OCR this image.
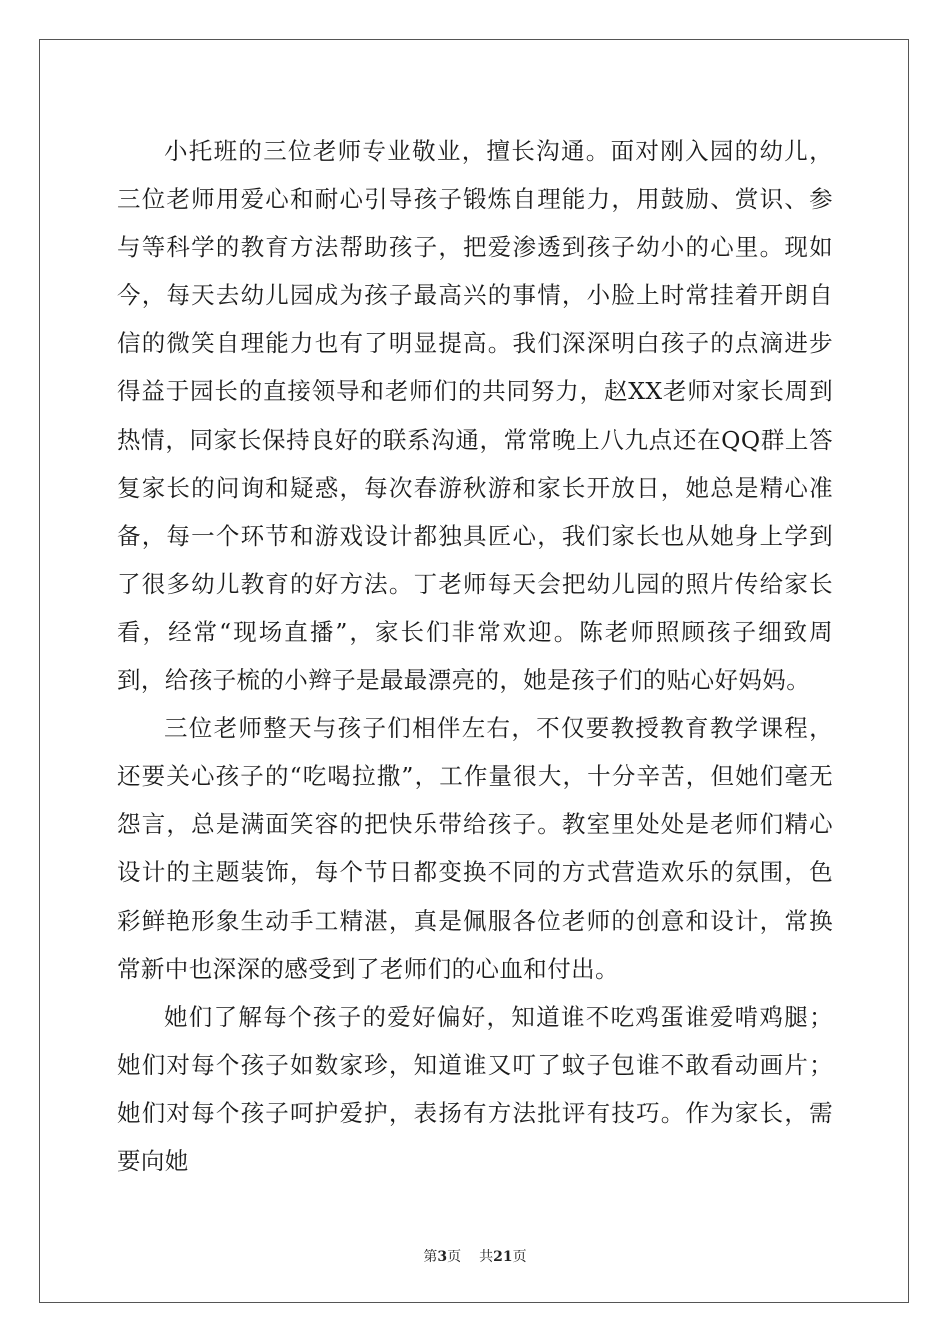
小托班的三位老师专业敬业，擅长沟通。面对刚入园的幼儿，三位老师用爱心和耐心引导孩子锻炼自理能力，用鼓励、赏识、参与等科学的教育方法帮助孩子，把爱渗透到孩子幼小的心里。现如今，每天去幼儿园成为孩子最高兴的事情，小脸上时常挂着开朗自信的微笑自理能力也有了明显提高。我们深深明白孩子的点滴进步得益于园长的直接领导和老师们的共同努力，赵XX老师对家长周到热情，同家长保持良好的联系沟通，常常晚上八九点还在QQ群上答复家长的问询和疑惑，每次春游秋游和家长开放日，她总是精心准备，每一个环节和游戏设计都独具匠心，我们家长也从她身上学到了很多幼儿教育的好方法。丁老师每天会把幼儿园的照片传给家长看，经常“现场直播”，家长们非常欢迎。陈老师照顾孩子细致周到，给孩子梳的小辫子是最最漂亮的，她是孩子们的贴心好妈妈。

三位老师整天与孩子们相伴左右，不仅要教授教育教学课程，还要关心孩子的“吃喝拉撒”，工作量很大，十分辛苦，但她们毫无怨言，总是满面笑容的把快乐带给孩子。教室里处处是老师们精心设计的主题装饰，每个节日都变换不同的方式营造欢乐的氛围，色彩鲜艳形象生动手工精湛，真是佩服各位老师的创意和设计，常换常新中也深深的感受到了老师们的心血和付出。

她们了解每个孩子的爱好偏好，知道谁不吃鸡蛋谁爱啃鸡腿；她们对每个孩子如数家珍，知道谁又叮了蚊子包谁不敢看动画片；她们对每个孩子呵护爱护，表扬有方法批评有技巧。作为家长，需要向她

第3页 共21页
